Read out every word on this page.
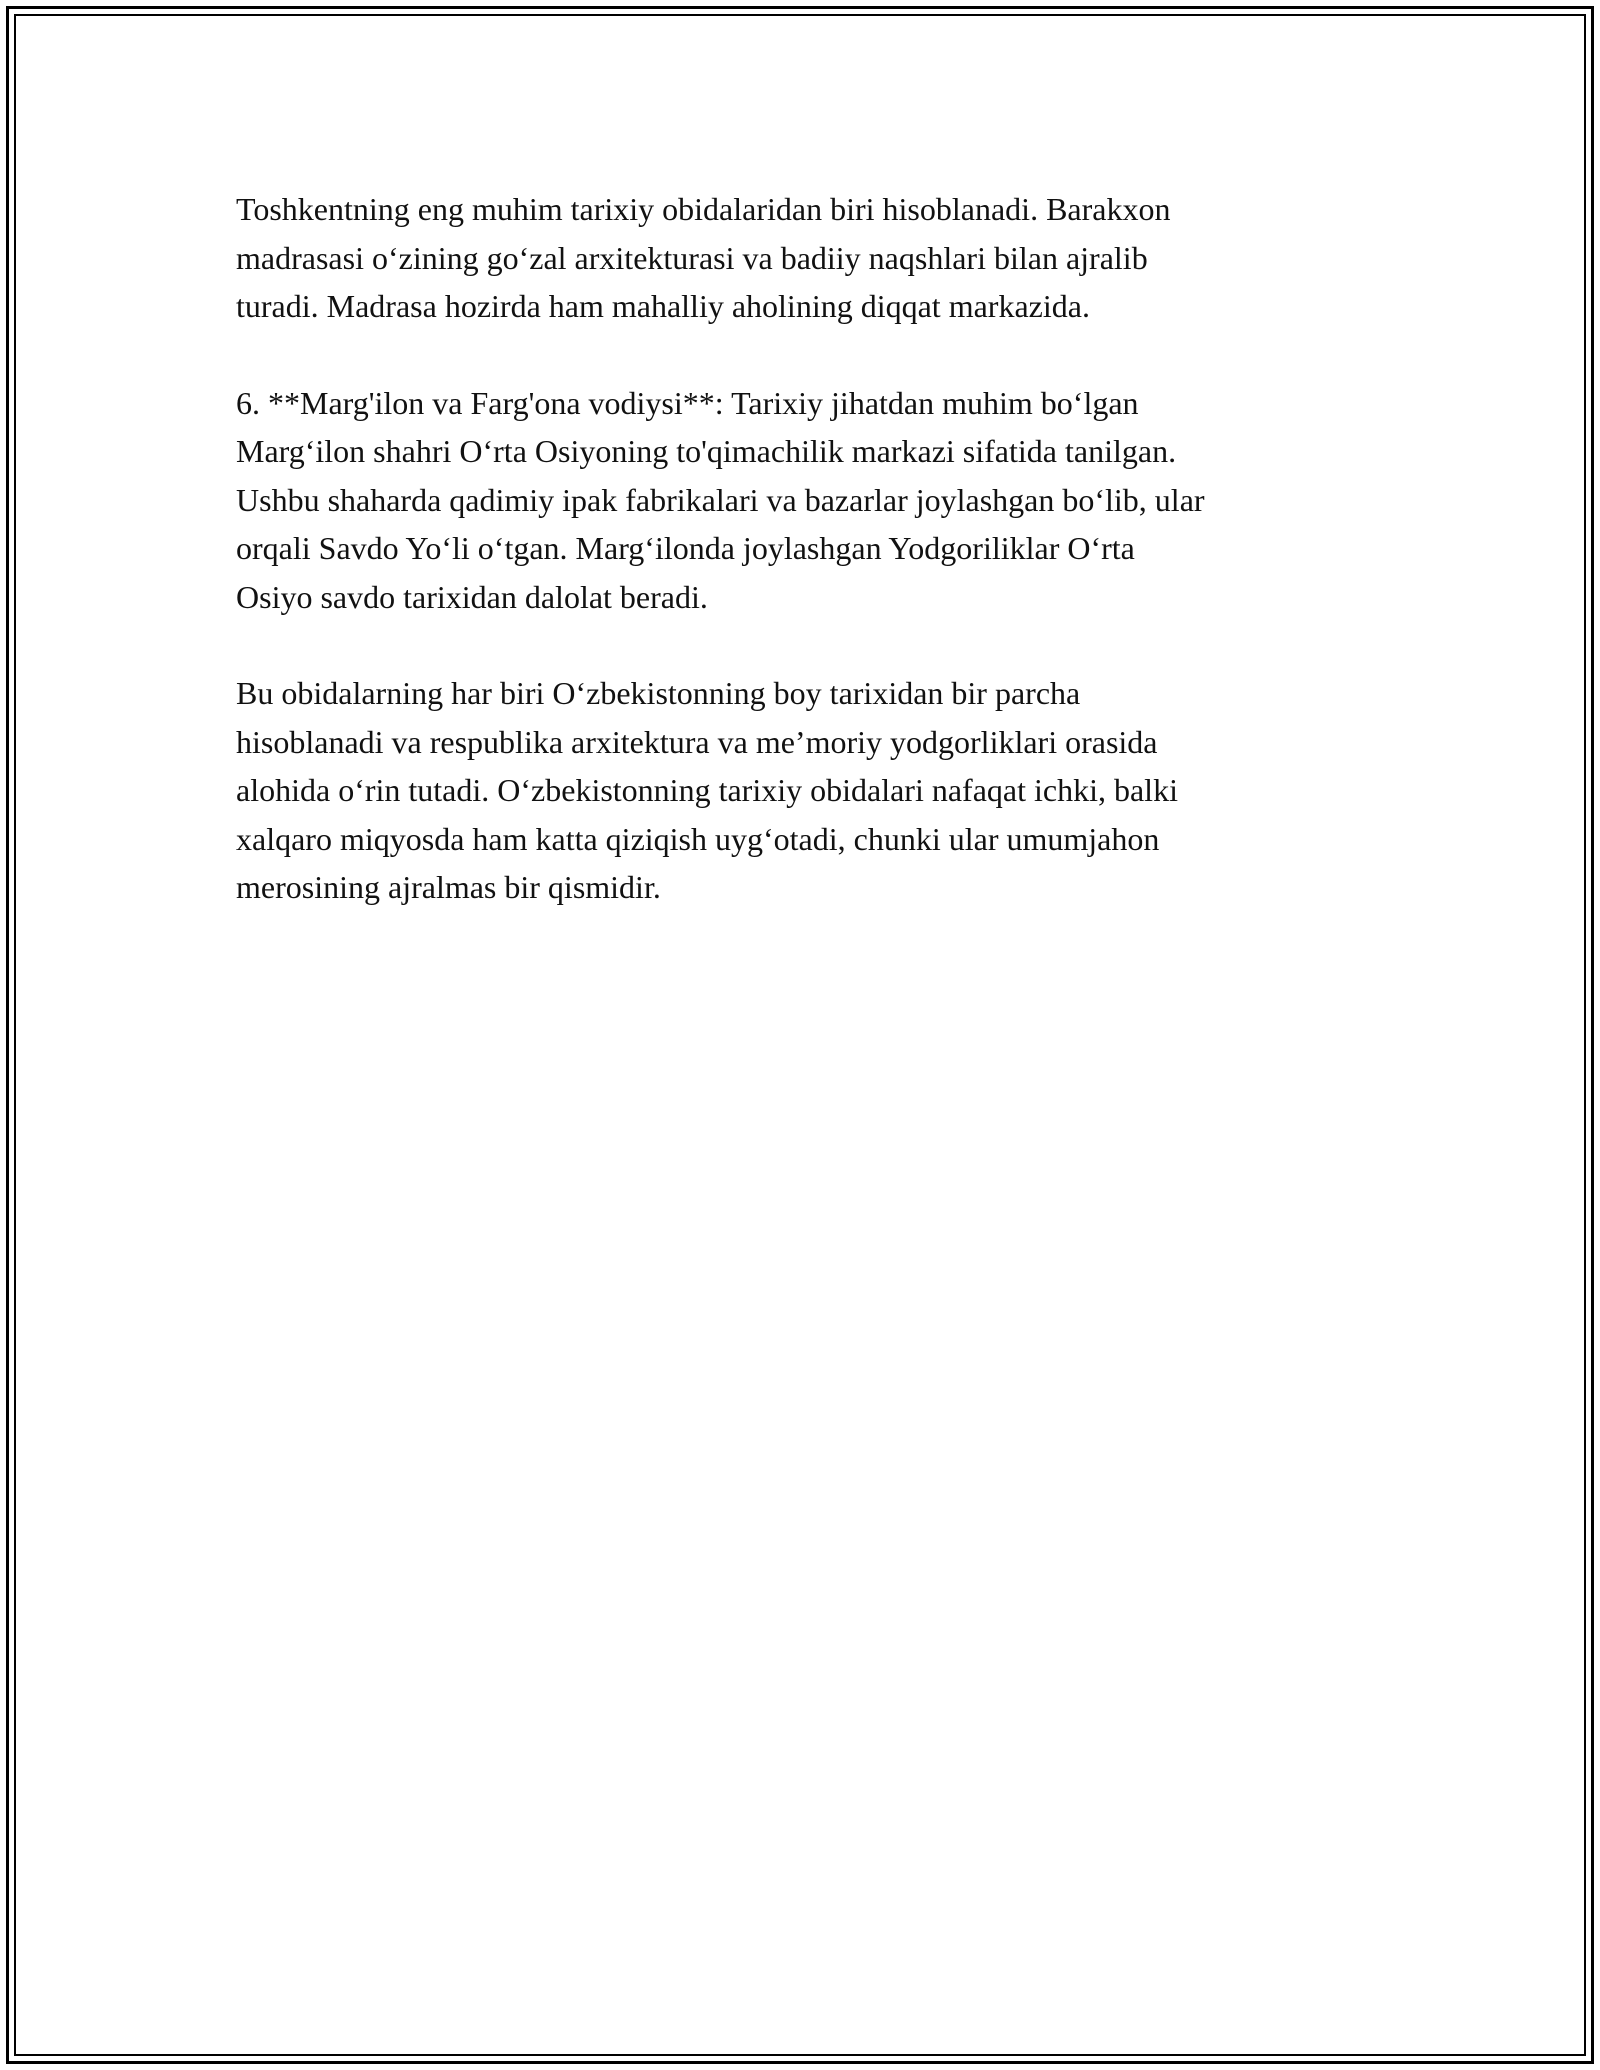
Toshkentning eng muhim tarixiy obidalaridan biri hisoblanadi. Barakxon
madrasasi o‘zining go‘zal arxitekturasi va badiiy naqshlari bilan ajralib
turadi. Madrasa hozirda ham mahalliy aholining diqqat markazida.

6. **Marg'ilon va Farg'ona vodiysi**: Tarixiy jihatdan muhim bo‘lgan
Marg‘ilon shahri O‘rta Osiyoning to'qimachilik markazi sifatida tanilgan.
Ushbu shaharda qadimiy ipak fabrikalari va bazarlar joylashgan bo‘lib, ular
orqali Savdo Yo‘li o‘tgan. Marg‘ilonda joylashgan Yodgoriliklar O‘rta
Osiyo savdo tarixidan dalolat beradi.

Bu obidalarning har biri O‘zbekistonning boy tarixidan bir parcha
hisoblanadi va respublika arxitektura va me’moriy yodgorliklari orasida
alohida o‘rin tutadi. O‘zbekistonning tarixiy obidalari nafaqat ichki, balki
xalqaro miqyosda ham katta qiziqish uyg‘otadi, chunki ular umumjahon
merosining ajralmas bir qismidir.
